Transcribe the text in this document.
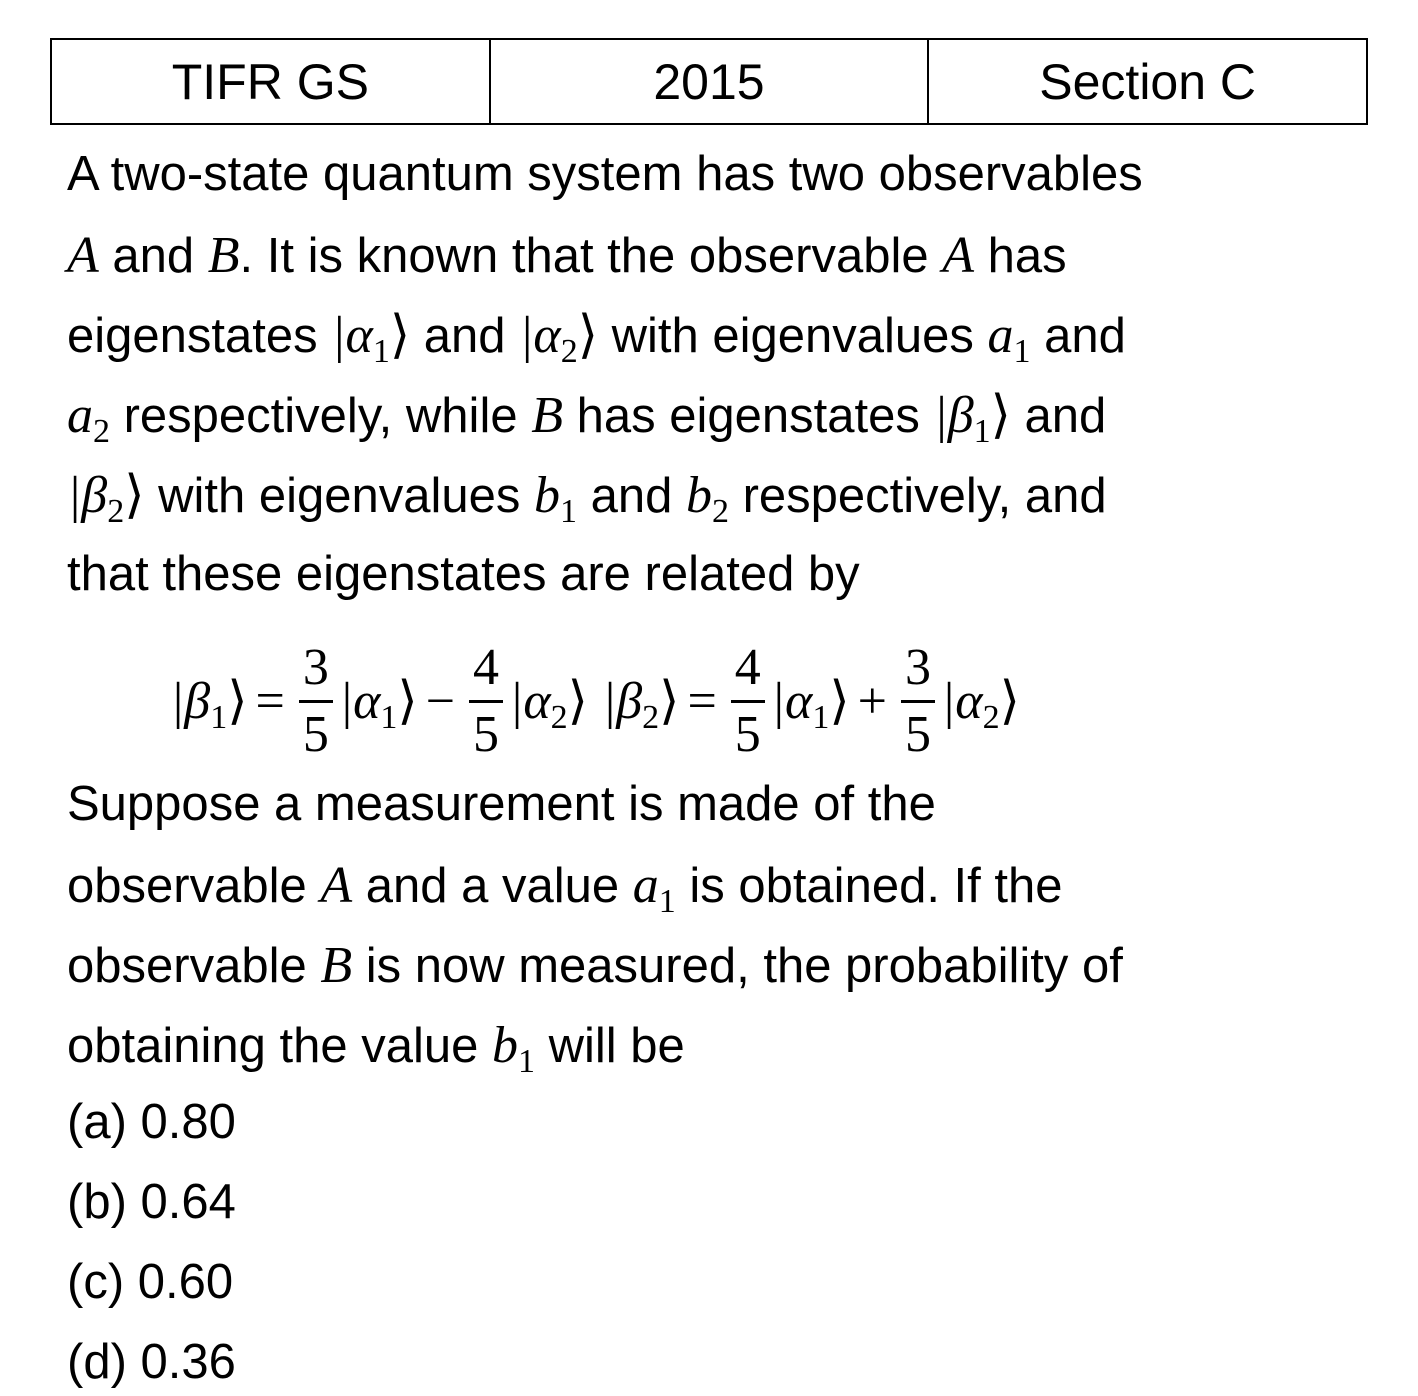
TIFR GS	2015	Section C
A two-state quantum system has two observables
A and B. It is known that the observable A has
eigenstates $|\alpha_1⟩$ and $|\alpha_2⟩$ with eigenvalues $a_1$ and
$a_2$ respectively, while B has eigenstates $|\beta_1⟩$ and
$|\beta_2⟩$ with eigenvalues $b_1$ and $b_2$ respectively, and
that these eigenstates are related by
$|\beta_1⟩ = \frac{3}{5}$ $|\alpha_1⟩ - \frac{4}{5}$ $|\alpha_2⟩$ $|\beta_2⟩ = \frac{4}{5}$ $|\alpha_1⟩ + \frac{3}{5}$ $|\alpha_2⟩$
Suppose a measurement is made of the
observable A and a value $a_1$ is obtained. If the
observable B is now measured, the probability of
obtaining the value $b_1$ will be
(a) 0.80
(b) 0.64
(c) 0.60
(d) 0.36
